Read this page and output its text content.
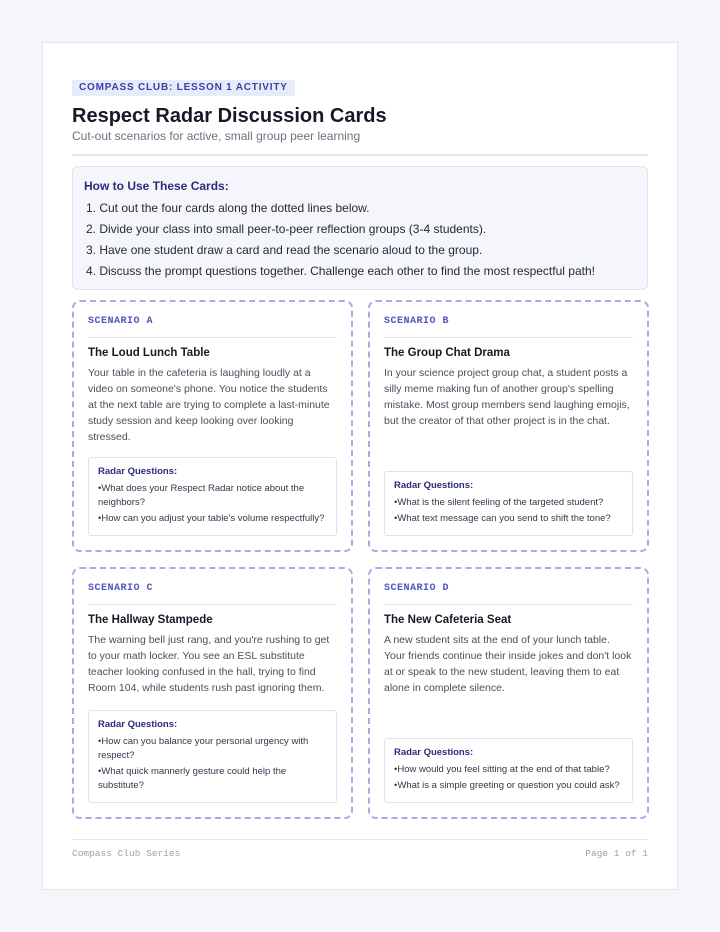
COMPASS CLUB: LESSON 1 ACTIVITY
Respect Radar Discussion Cards
Cut-out scenarios for active, small group peer learning
How to Use These Cards:
1. Cut out the four cards along the dotted lines below.
2. Divide your class into small peer-to-peer reflection groups (3-4 students).
3. Have one student draw a card and read the scenario aloud to the group.
4. Discuss the prompt questions together. Challenge each other to find the most respectful path!
SCENARIO A
The Loud Lunch Table

Your table in the cafeteria is laughing loudly at a video on someone's phone. You notice the students at the next table are trying to complete a last-minute study session and keep looking over looking stressed.

Radar Questions:
• What does your Respect Radar notice about the neighbors?
• How can you adjust your table's volume respectfully?
SCENARIO B
The Group Chat Drama

In your science project group chat, a student posts a silly meme making fun of another group's spelling mistake. Most group members send laughing emojis, but the creator of that other project is in the chat.

Radar Questions:
• What is the silent feeling of the targeted student?
• What text message can you send to shift the tone?
SCENARIO C
The Hallway Stampede

The warning bell just rang, and you're rushing to get to your math locker. You see an ESL substitute teacher looking confused in the hall, trying to find Room 104, while students rush past ignoring them.

Radar Questions:
• How can you balance your personal urgency with respect?
• What quick mannerly gesture could help the substitute?
SCENARIO D
The New Cafeteria Seat

A new student sits at the end of your lunch table. Your friends continue their inside jokes and don't look at or speak to the new student, leaving them to eat alone in complete silence.

Radar Questions:
• How would you feel sitting at the end of that table?
• What is a simple greeting or question you could ask?
Compass Club Series	Page 1 of 1
